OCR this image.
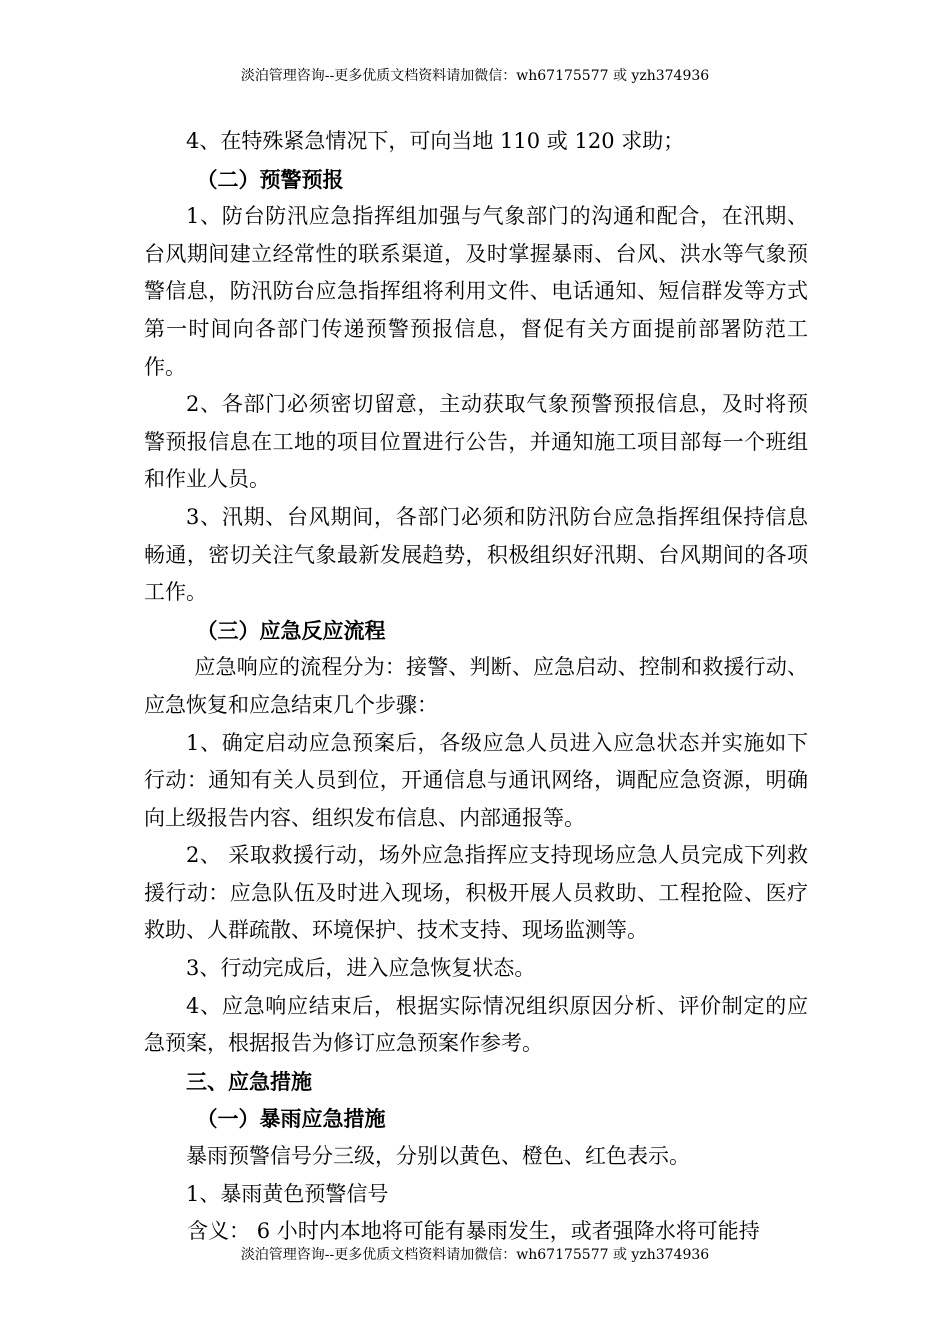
淡泊管理咨询--更多优质文档资料请加微信：wh67175577 或 yzh374936

4、在特殊紧急情况下，可向当地 110 或 120 求助；

（二）预警预报

1、防台防汛应急指挥组加强与气象部门的沟通和配合，在汛期、台风期间建立经常性的联系渠道，及时掌握暴雨、台风、洪水等气象预警信息，防汛防台应急指挥组将利用文件、电话通知、短信群发等方式第一时间向各部门传递预警预报信息，督促有关方面提前部署防范工作。

2、各部门必须密切留意，主动获取气象预警预报信息，及时将预警预报信息在工地的项目位置进行公告，并通知施工项目部每一个班组和作业人员。

3、汛期、台风期间，各部门必须和防汛防台应急指挥组保持信息畅通，密切关注气象最新发展趋势，积极组织好汛期、台风期间的各项工作。

（三）应急反应流程

应急响应的流程分为：接警、判断、应急启动、控制和救援行动、应急恢复和应急结束几个步骤：

1、确定启动应急预案后，各级应急人员进入应急状态并实施如下行动：通知有关人员到位，开通信息与通讯网络，调配应急资源，明确向上级报告内容、组织发布信息、内部通报等。

2、 采取救援行动，场外应急指挥应支持现场应急人员完成下列救援行动：应急队伍及时进入现场，积极开展人员救助、工程抢险、医疗救助、人群疏散、环境保护、技术支持、现场监测等。

3、行动完成后，进入应急恢复状态。

4、应急响应结束后，根据实际情况组织原因分析、评价制定的应急预案，根据报告为修订应急预案作参考。

三、应急措施

（一）暴雨应急措施

暴雨预警信号分三级，分别以黄色、橙色、红色表示。

1、暴雨黄色预警信号

含义： 6 小时内本地将可能有暴雨发生，或者强降水将可能持

淡泊管理咨询--更多优质文档资料请加微信：wh67175577 或 yzh374936
